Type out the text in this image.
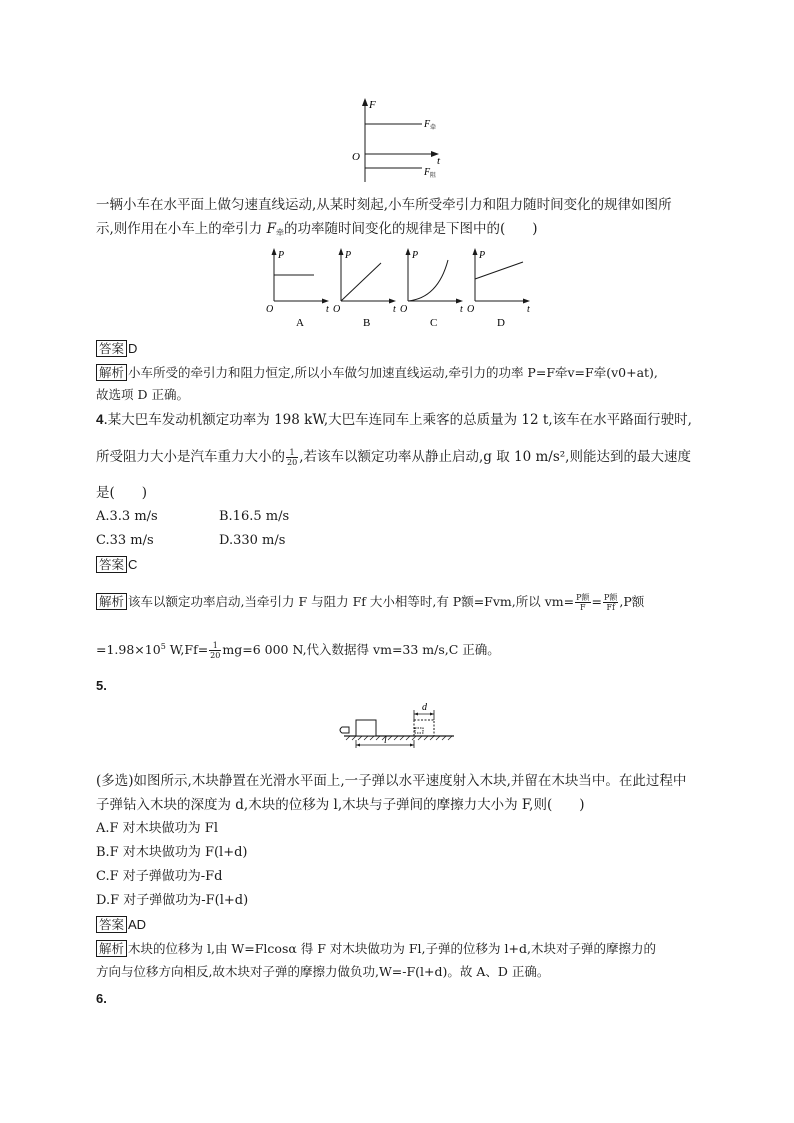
F
t
O
F 牵
F 阻
一辆小车在水平面上做匀速直线运动,从某时刻起,小车所受牵引力和阻力随时间变化的规律如图所
示,则作用在小车上的牵引力 $F_牵$的功率随时间变化的规律是下图中的(　　)
P
t
O
A
P
t
O
B
P
t
O
C
P
t
O
D
答案 D
解析 小车所受的牵引力和阻力恒定,所以小车做匀加速直线运动,牵引力的功率 P=F牵v=F牵(v0+at),
故选项 D 正确。
4.某大巴车发动机额定功率为 198 kW,大巴车连同车上乘客的总质量为 12 t,该车在水平路面行驶时,
所受阻力大小是汽车重力大小的 $\frac{1}{20}$ ,若该车以额定功率从静止启动,g 取 10 m/s²,则能达到的最大速度
是(　　)
A.3.3 m/s	B.16.5 m/s
C.33 m/s	D.330 m/s
答案 C
解析 该车以额定功率启动,当牵引力 F 与阻力 Ff 大小相等时,有 P额=Fvm,所以 $vm= \frac{\text{P额}}{F} = \frac{\text{P额}}{Ff} ,P$额
$=1.98\times 10^5$ $W,Ff= \frac{1}{20} mg=6$ 000 N,代入数据得 vm=33 m/s,C 正确。
5.
d
l
(多选)如图所示,木块静置在光滑水平面上,一子弹以水平速度射入木块,并留在木块当中。在此过程中
子弹钻入木块的深度为 d,木块的位移为 l,木块与子弹间的摩擦力大小为 F,则(　　)
A.F 对木块做功为 Fl
B.F 对木块做功为 F(l+d)
C.F 对子弹做功为-Fd
D.F 对子弹做功为-F(l+d)
答案 AD
解析 木块的位移为 l,由 W=Flcosα 得 F 对木块做功为 Fl,子弹的位移为 l+d,木块对子弹的摩擦力的
方向与位移方向相反,故木块对子弹的摩擦力做负功,W=-F(l+d)。故 A、D 正确。
6.
